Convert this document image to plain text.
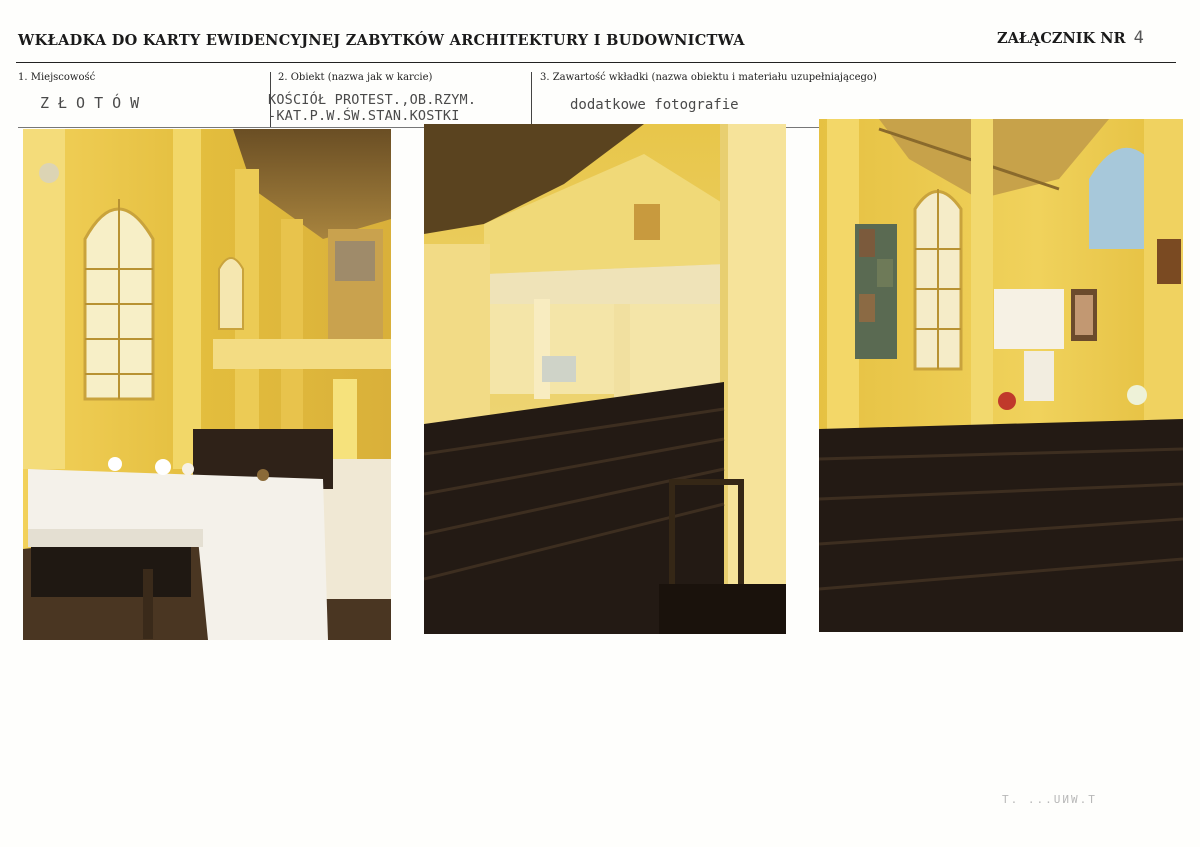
WKŁADKA DO KARTY EWIDENCYJNEJ ZABYTKÓW ARCHITEKTURY I BUDOWNICTWA	ZAŁĄCZNIK NR 4
1. Miejscowość
ZŁOTÓW
2. Obiekt (nazwa jak w karcie)
KOŚCIÓŁ PROTEST.,OB.RZYM.
-KAT.P.W.ŚW.STAN.KOSTKI
3. Zawartość wkładki (nazwa obiektu i materiału uzupełniającego)
dodatkowe fotografie
T.WNU... .T
